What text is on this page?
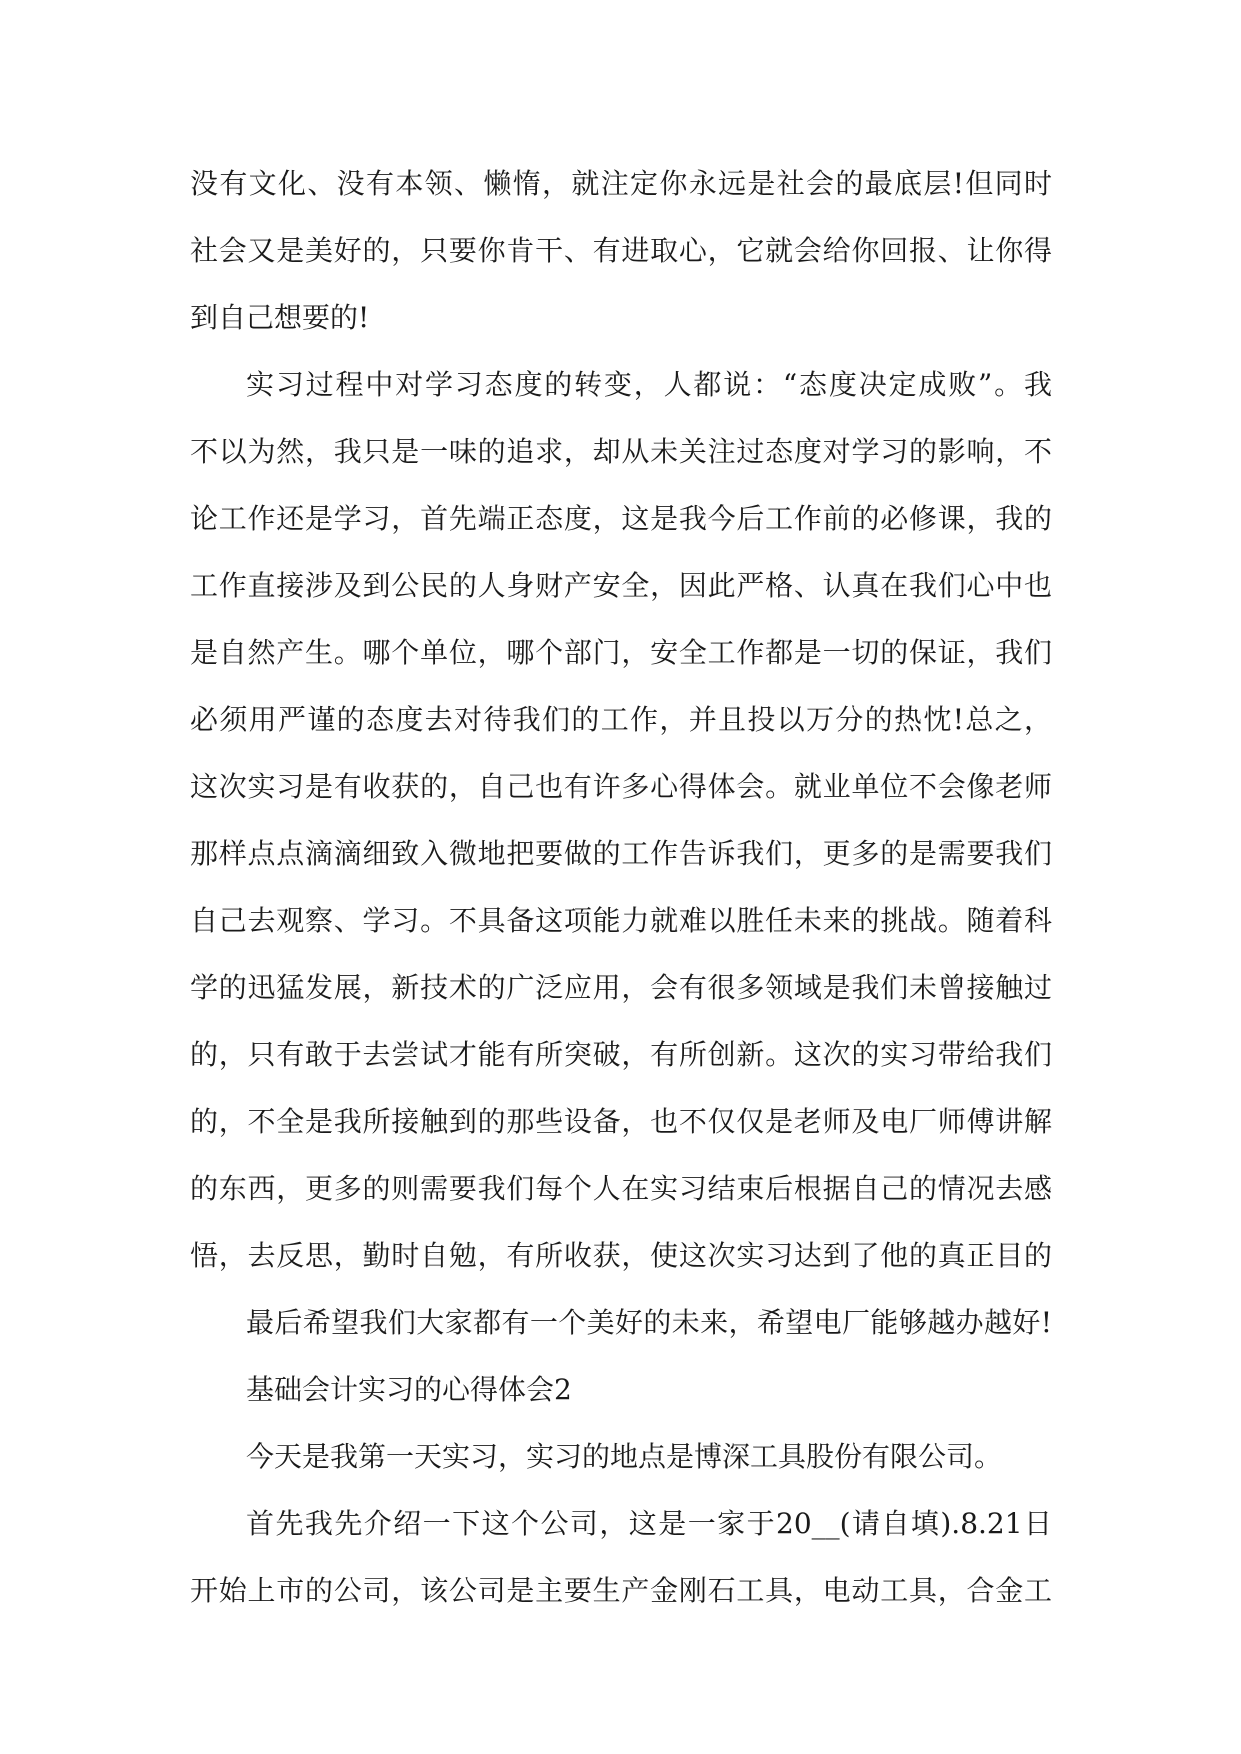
没有文化、没有本领、懒惰，就注定你永远是社会的最底层!但同时
社会又是美好的，只要你肯干、有进取心，它就会给你回报、让你得
到自己想要的!
实习过程中对学习态度的转变，人都说：“态度决定成败”。我
不以为然，我只是一味的追求，却从未关注过态度对学习的影响，不
论工作还是学习，首先端正态度，这是我今后工作前的必修课，我的
工作直接涉及到公民的人身财产安全，因此严格、认真在我们心中也
是自然产生。哪个单位，哪个部门，安全工作都是一切的保证，我们
必须用严谨的态度去对待我们的工作，并且投以万分的热忱!总之，
这次实习是有收获的，自己也有许多心得体会。就业单位不会像老师
那样点点滴滴细致入微地把要做的工作告诉我们，更多的是需要我们
自己去观察、学习。不具备这项能力就难以胜任未来的挑战。随着科
学的迅猛发展，新技术的广泛应用，会有很多领域是我们未曾接触过
的，只有敢于去尝试才能有所突破，有所创新。这次的实习带给我们
的，不全是我所接触到的那些设备，也不仅仅是老师及电厂师傅讲解
的东西，更多的则需要我们每个人在实习结束后根据自己的情况去感
悟，去反思，勤时自勉，有所收获，使这次实习达到了他的真正目的
最后希望我们大家都有一个美好的未来，希望电厂能够越办越好!
基础会计实习的心得体会2
今天是我第一天实习，实习的地点是博深工具股份有限公司。
首先我先介绍一下这个公司，这是一家于20__(请自填).8.21日
开始上市的公司，该公司是主要生产金刚石工具，电动工具，合金工
